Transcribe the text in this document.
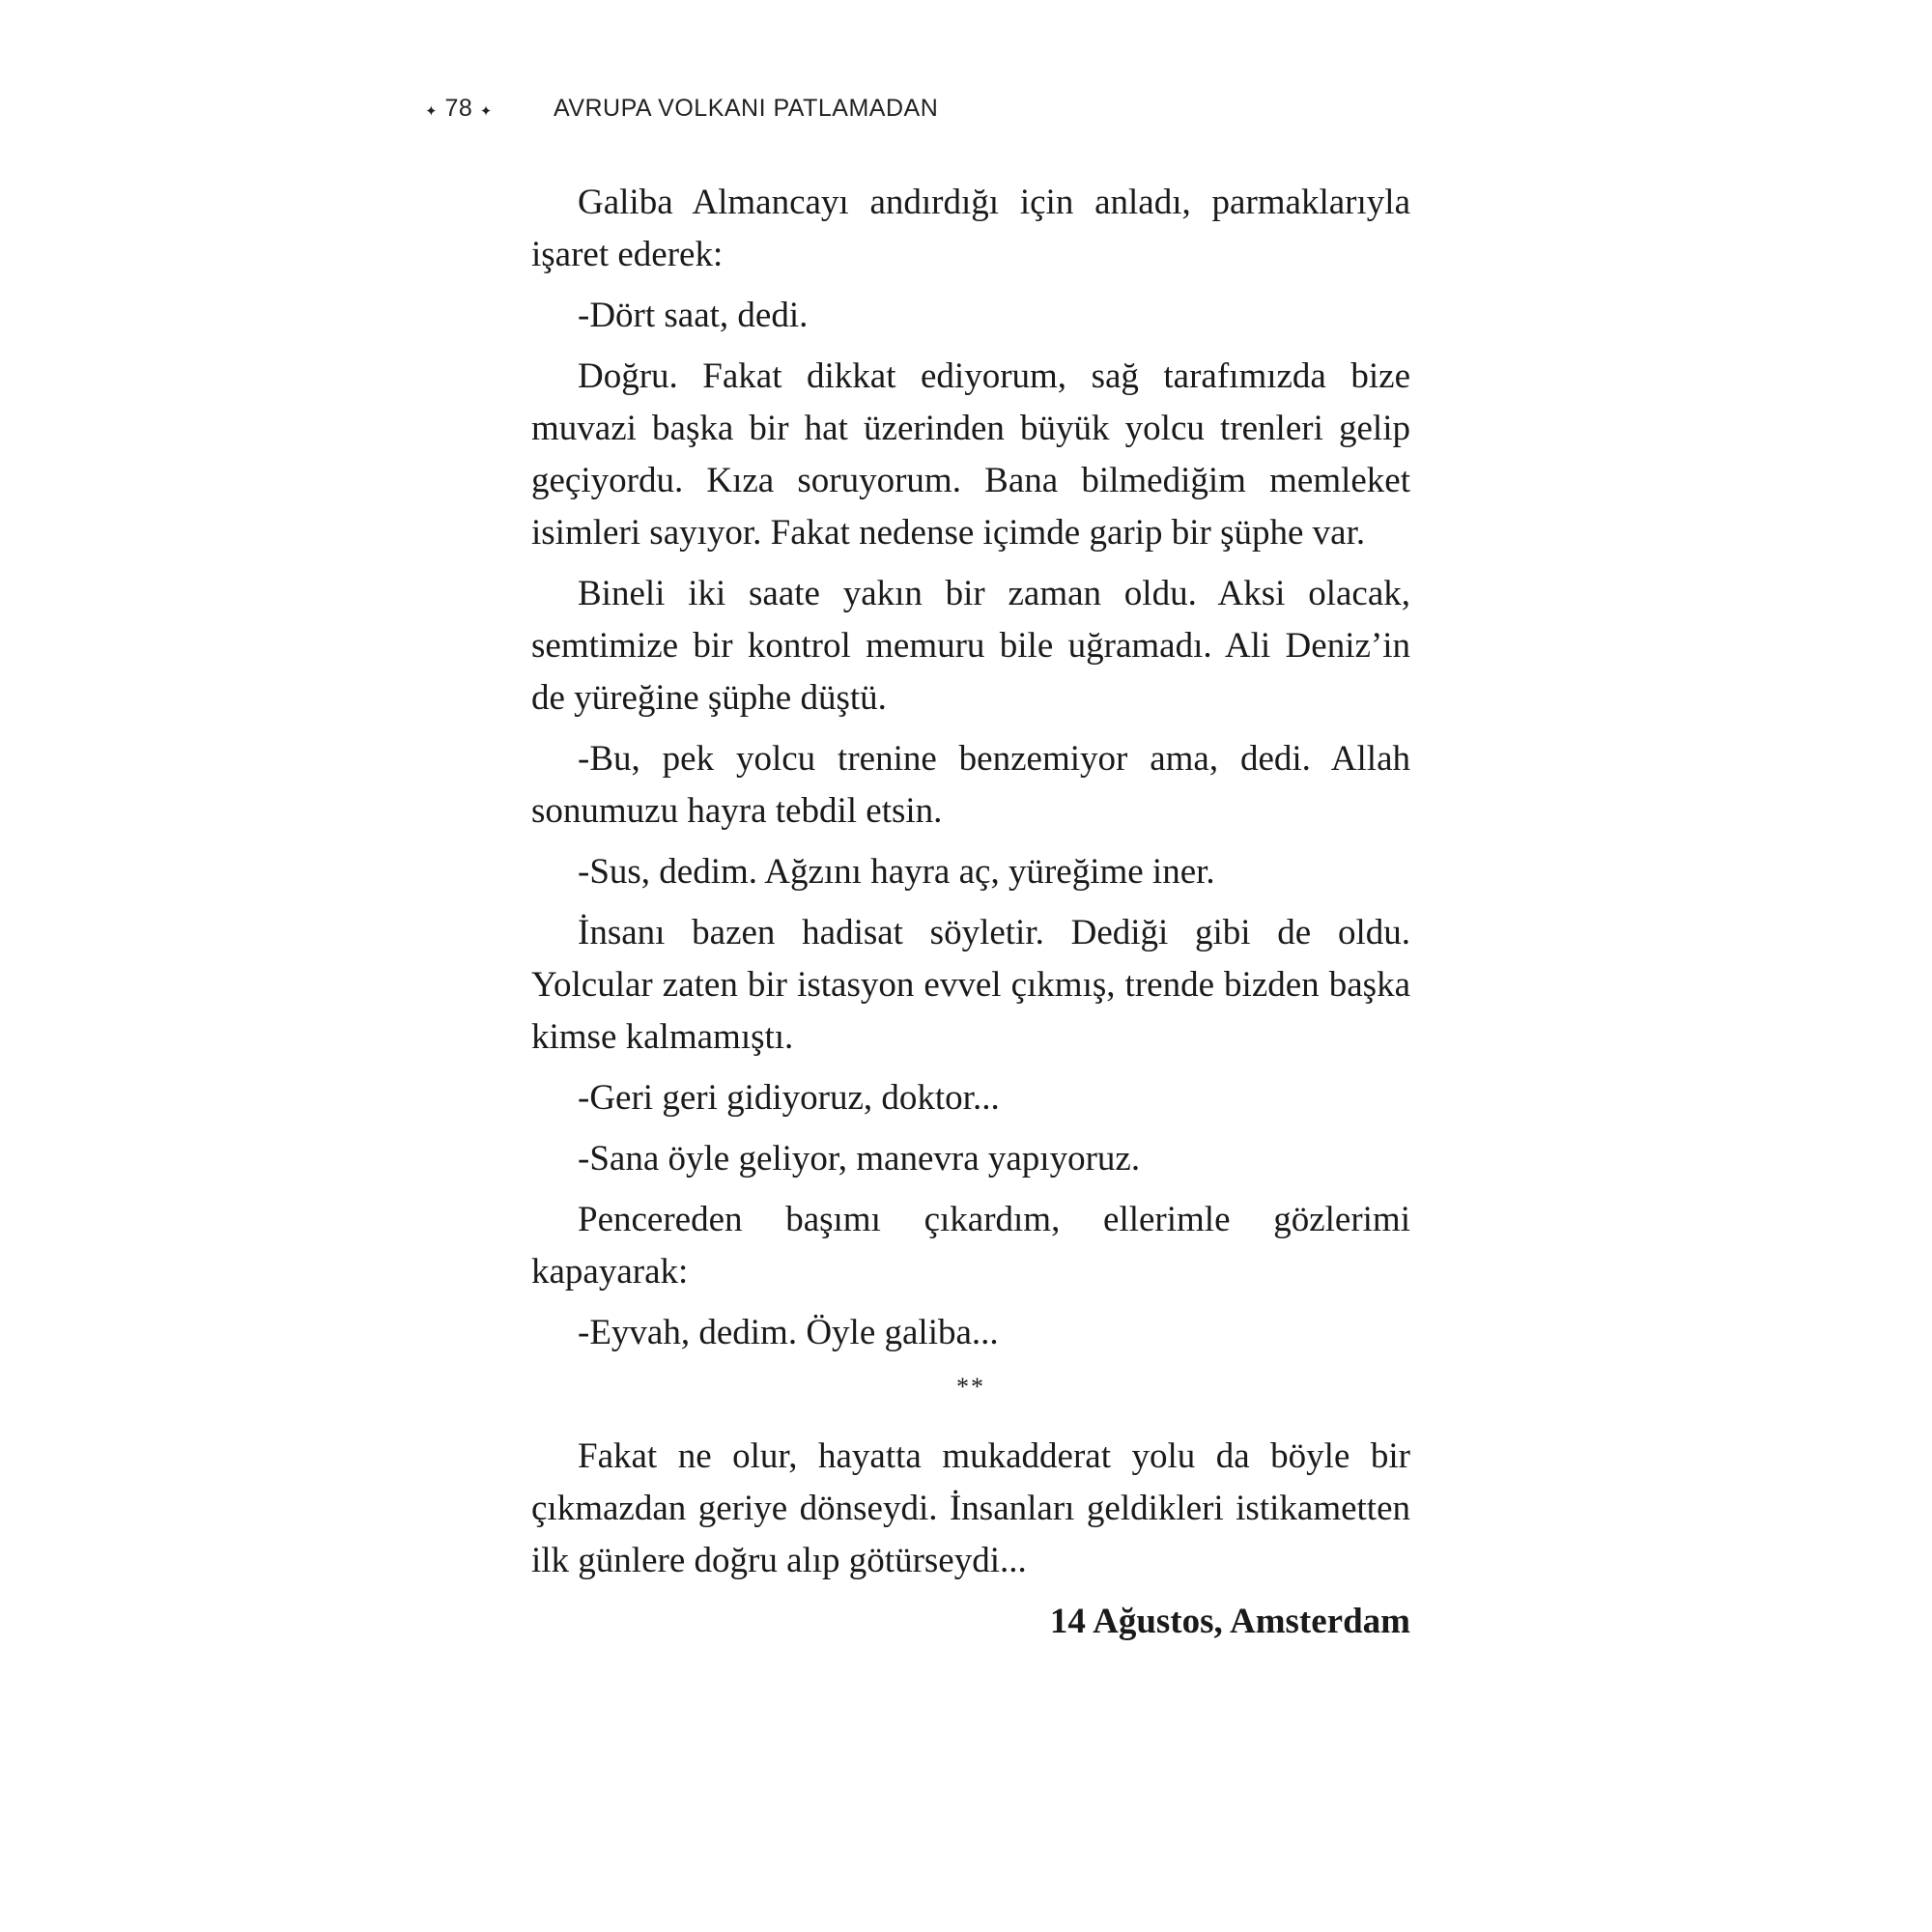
✦ 78 ✦	AVRUPA VOLKANI PATLAMADAN

Galiba Almancayı andırdığı için anladı, parmaklarıyla işaret ederek:

-Dört saat, dedi.

Doğru. Fakat dikkat ediyorum, sağ tarafımızda bize muvazi başka bir hat üzerinden büyük yolcu trenleri gelip geçiyordu. Kıza soruyorum. Bana bilmediğim memleket isimleri sayıyor. Fakat nedense içimde garip bir şüphe var.

Bineli iki saate yakın bir zaman oldu. Aksi olacak, semtimize bir kontrol memuru bile uğramadı. Ali Deniz’in de yüreğine şüphe düştü.

-Bu, pek yolcu trenine benzemiyor ama, dedi. Allah sonumuzu hayra tebdil etsin.

-Sus, dedim. Ağzını hayra aç, yüreğime iner.

İnsanı bazen hadisat söyletir. Dediği gibi de oldu. Yolcular zaten bir istasyon evvel çıkmış, trende bizden başka kimse kalmamıştı.

-Geri geri gidiyoruz, doktor...

-Sana öyle geliyor, manevra yapıyoruz.

Pencereden başımı çıkardım, ellerimle gözlerimi kapayarak:

-Eyvah, dedim. Öyle galiba...

**

Fakat ne olur, hayatta mukadderat yolu da böyle bir çıkmazdan geriye dönseydi. İnsanları geldikleri istikametten ilk günlere doğru alıp götürseydi...

14 Ağustos, Amsterdam
